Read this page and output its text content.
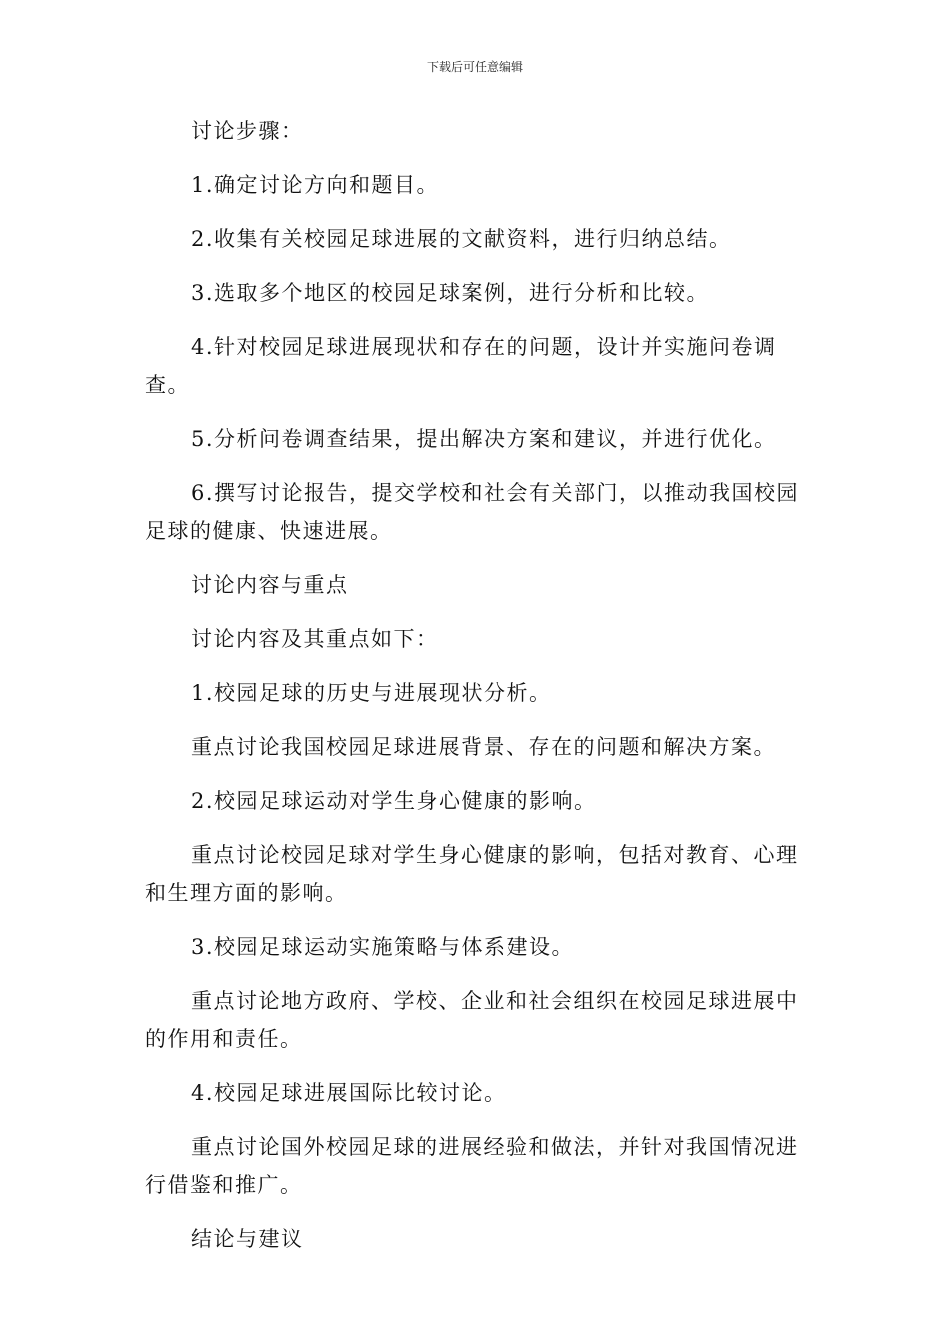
下载后可任意编辑

讨论步骤：

1.确定讨论方向和题目。

2.收集有关校园足球进展的文献资料，进行归纳总结。

3.选取多个地区的校园足球案例，进行分析和比较。

4.针对校园足球进展现状和存在的问题，设计并实施问卷调查。

5.分析问卷调查结果，提出解决方案和建议，并进行优化。

6.撰写讨论报告，提交学校和社会有关部门，以推动我国校园足球的健康、快速进展。

讨论内容与重点

讨论内容及其重点如下：

1.校园足球的历史与进展现状分析。

重点讨论我国校园足球进展背景、存在的问题和解决方案。

2.校园足球运动对学生身心健康的影响。

重点讨论校园足球对学生身心健康的影响，包括对教育、心理和生理方面的影响。

3.校园足球运动实施策略与体系建设。

重点讨论地方政府、学校、企业和社会组织在校园足球进展中的作用和责任。

4.校园足球进展国际比较讨论。

重点讨论国外校园足球的进展经验和做法，并针对我国情况进行借鉴和推广。

结论与建议
